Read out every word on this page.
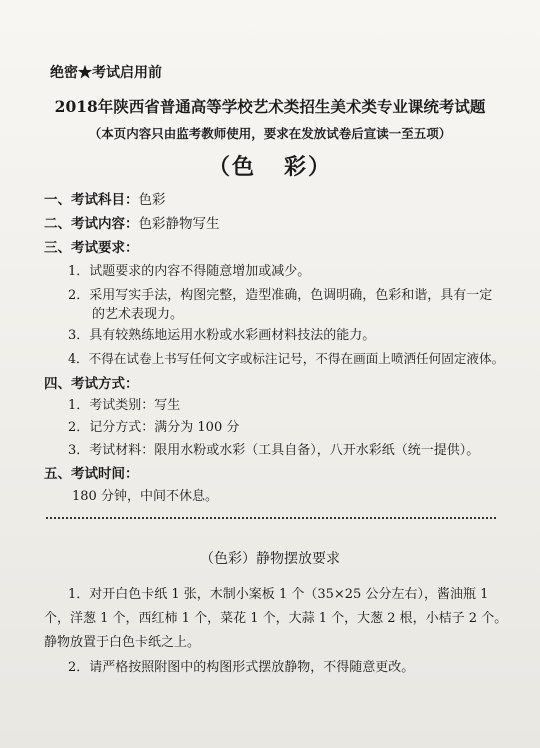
绝密★考试启用前
2018年陕西省普通高等学校艺术类招生美术类专业课统考试题
（本页内容只由监考教师使用，要求在发放试卷后宣读一至五项）
（色 彩）
一、考试科目：色彩
二、考试内容：色彩静物写生
三、考试要求：
1．试题要求的内容不得随意增加或减少。
2．采用写实手法，构图完整，造型准确，色调明确，色彩和谐，具有一定
的艺术表现力。
3．具有较熟练地运用水粉或水彩画材料技法的能力。
4．不得在试卷上书写任何文字或标注记号，不得在画面上喷洒任何固定液体。
四、考试方式：
1．考试类别：写生
2．记分方式：满分为 100 分
3．考试材料：限用水粉或水彩（工具自备），八开水彩纸（统一提供）。
五、考试时间：
180 分钟，中间不休息。
（色彩）静物摆放要求
1．对开白色卡纸 1 张，木制小案板 1 个（35×25 公分左右），酱油瓶 1
个，洋葱 1 个，西红柿 1 个，菜花 1 个，大蒜 1 个，大葱 2 根，小桔子 2 个。
静物放置于白色卡纸之上。
2．请严格按照附图中的构图形式摆放静物，不得随意更改。
